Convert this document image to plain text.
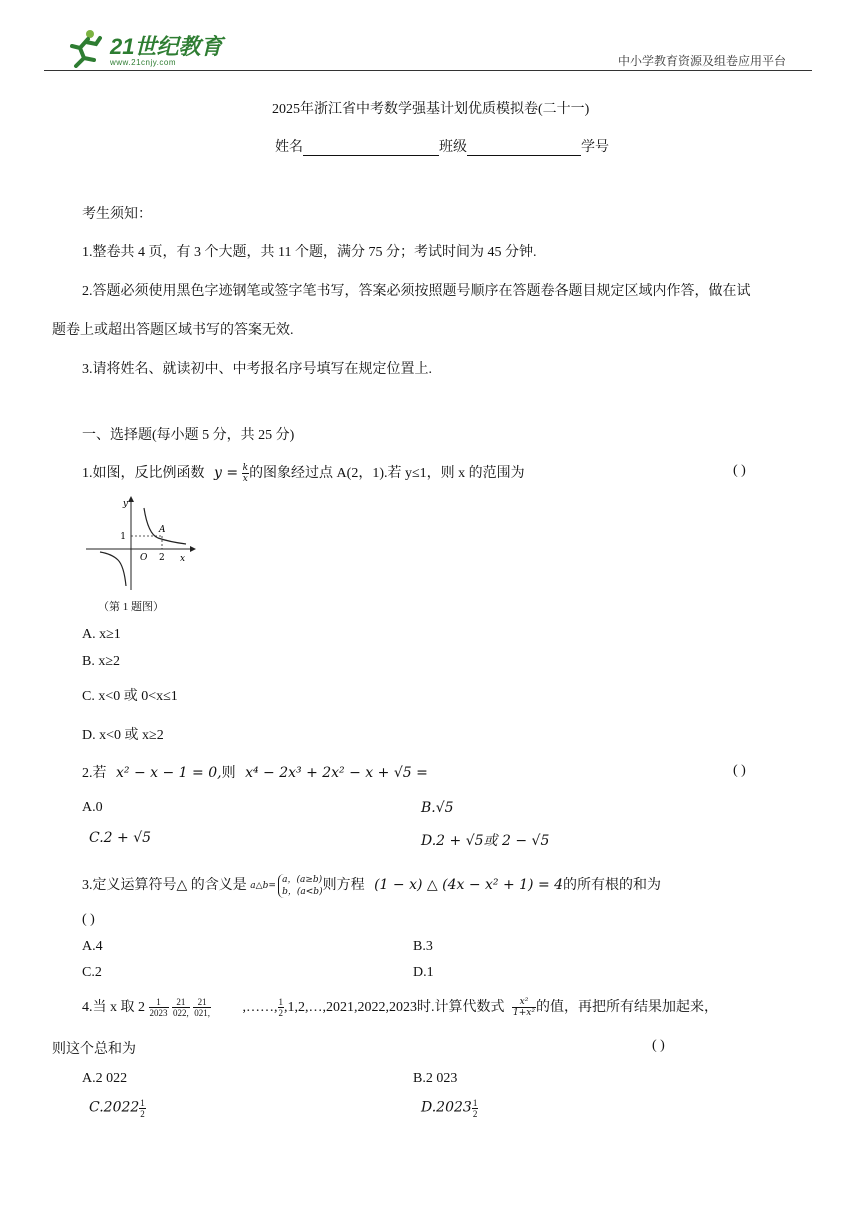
21世纪教育
www.21cnjy.com	中小学教育资源及组卷应用平台
2025年浙江省中考数学强基计划优质模拟卷(二十一)
姓名	班级	学号
考生须知：
1.整卷共 4 页，有 3 个大题，共 11 个题，满分 75 分；考试时间为 45 分钟.
2.答题必须使用黑色字迹钢笔或签字笔书写，答案必须按照题号顺序在答题卷各题目规定区域内作答，做在试
题卷上或超出答题区域书写的答案无效.
3.请将姓名、就读初中、中考报名序号填写在规定位置上.
一、选择题(每小题 5 分，共 25 分)
1.如图，反比例函数 $y = \frac{k}{x}$ 的图象经过点 A(2，1).若 y≤1，则 x 的范围为	( )
y
x
O
1
2
A
（第 1 题图）
A. x≥1
B. x≥2
C. x<0 或 0<x≤1
D. x<0 或 x≥2
2.若 x² − x − 1 = 0,则 x⁴ − 2x³ + 2x² − x + √5 =	( )
A.0	B.√5
C.2 + √5	D.2 + √5或 2 − √5
3.定义运算符号△ 的含义是 a△b=
a，(a≥b)
b，(a<b) 则方程 (1 − x) △ (4x − x² + 1) = 4的所有根的和为
( )
A.4	B.3
C.2	D.1
4.当 x 取 $2 \frac{1}{2023}$
$\frac{21}{022,}$
$\frac{21}{021,}$ ,……, $\frac{1}{2}$ ,1,2,…,2021,2022,2023时.计算代数式 $\frac{\text{x²}}{\text{1+x²}}$ 的值，再把所有结果加起来，
则这个总和为	( )
A.2 022	B.2 023
$C.2022 \frac{1}{2}$	$D.2023 \frac{1}{2}$
